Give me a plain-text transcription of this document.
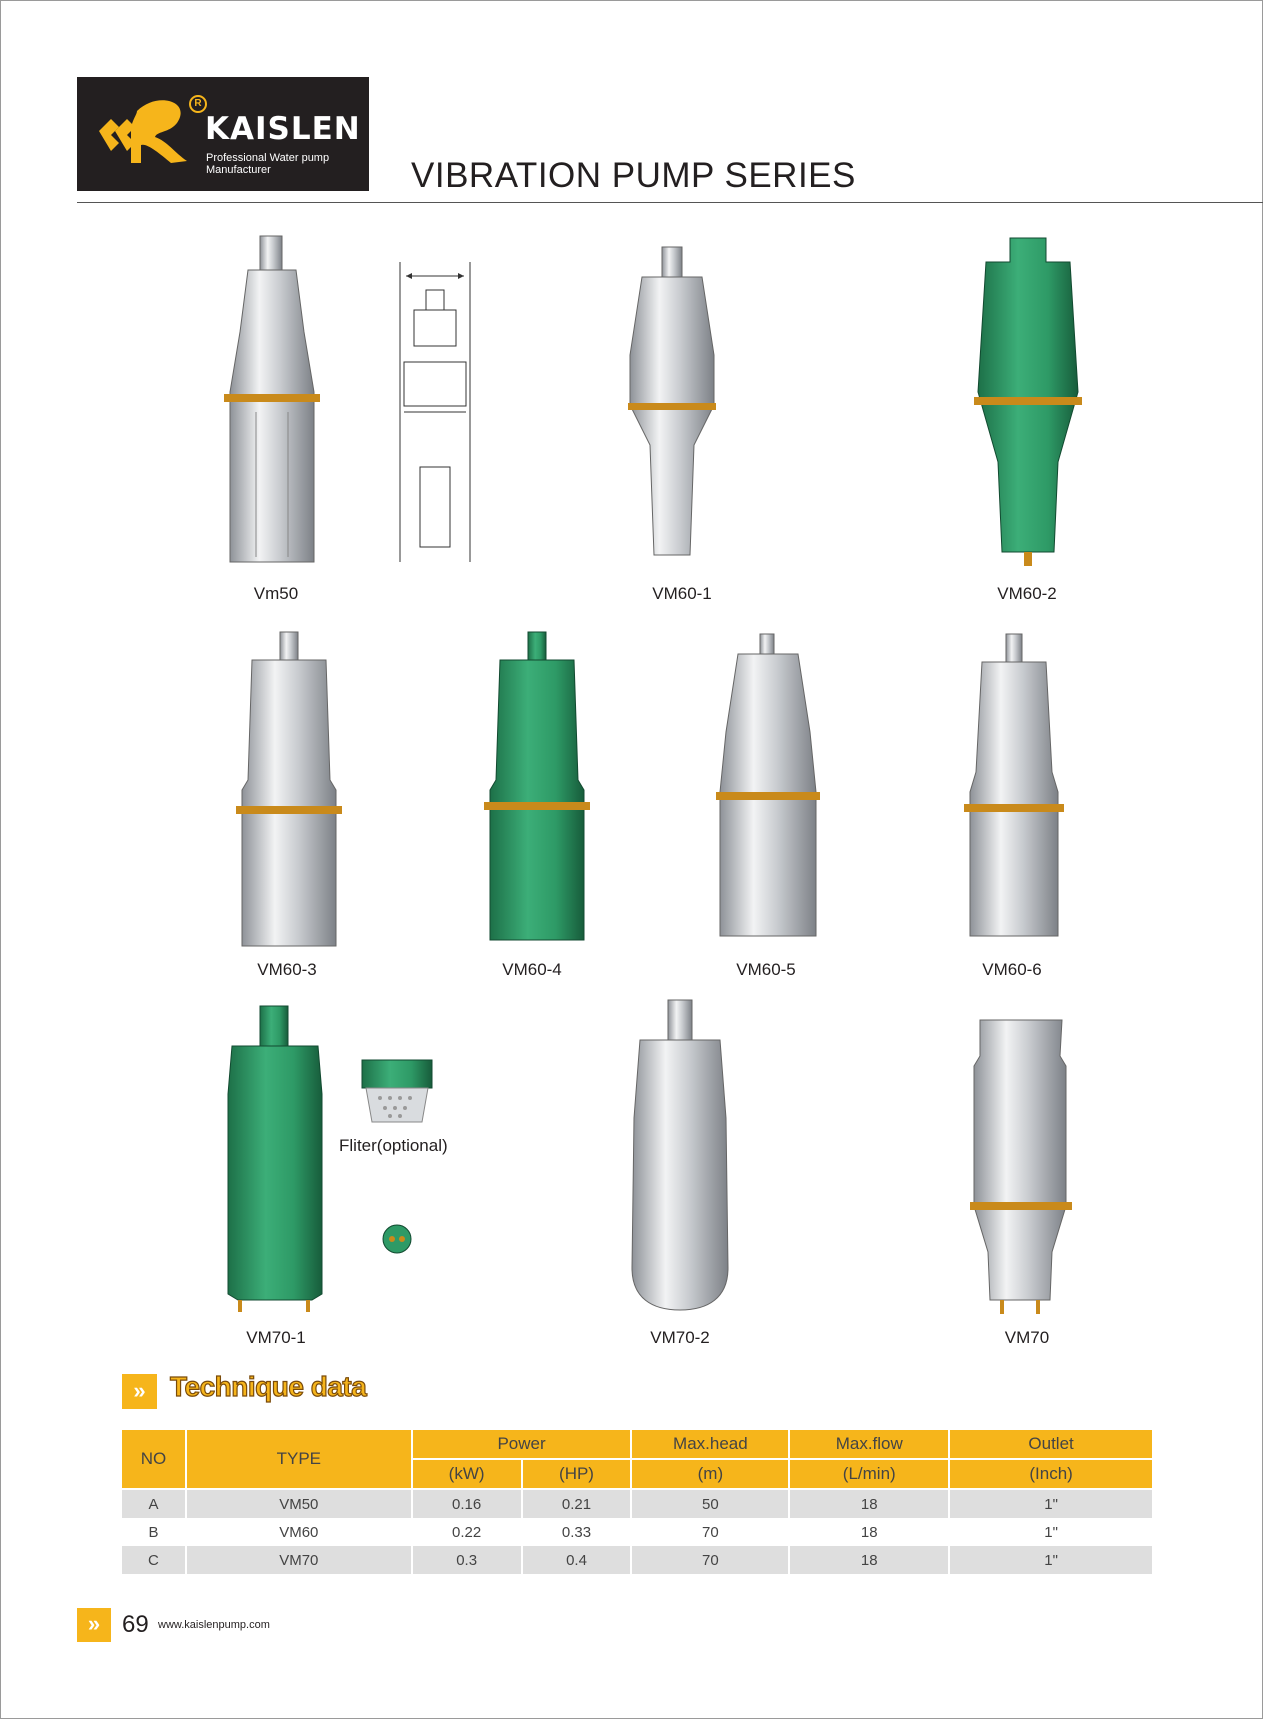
R
KAISLEN
Professional Water pump
Manufacturer	VIBRATION PUMP SERIES
Vm50	VM60-1	VM60-2
VM60-3	VM60-4	VM60-5	VM60-6
Fliter(optional)
VM70-1	VM70-2	VM70
» Technique data
NO	TYPE	Power		Max.head	Max.flow	Outlet
		(kW)	(HP)	(m)	(L/min)	(Inch)
A	VM50	0.16	0.21	50	18	1"
B	VM60	0.22	0.33	70	18	1"
C	VM70	0.3	0.4	70	18	1"
» 69 www.kaislenpump.com
